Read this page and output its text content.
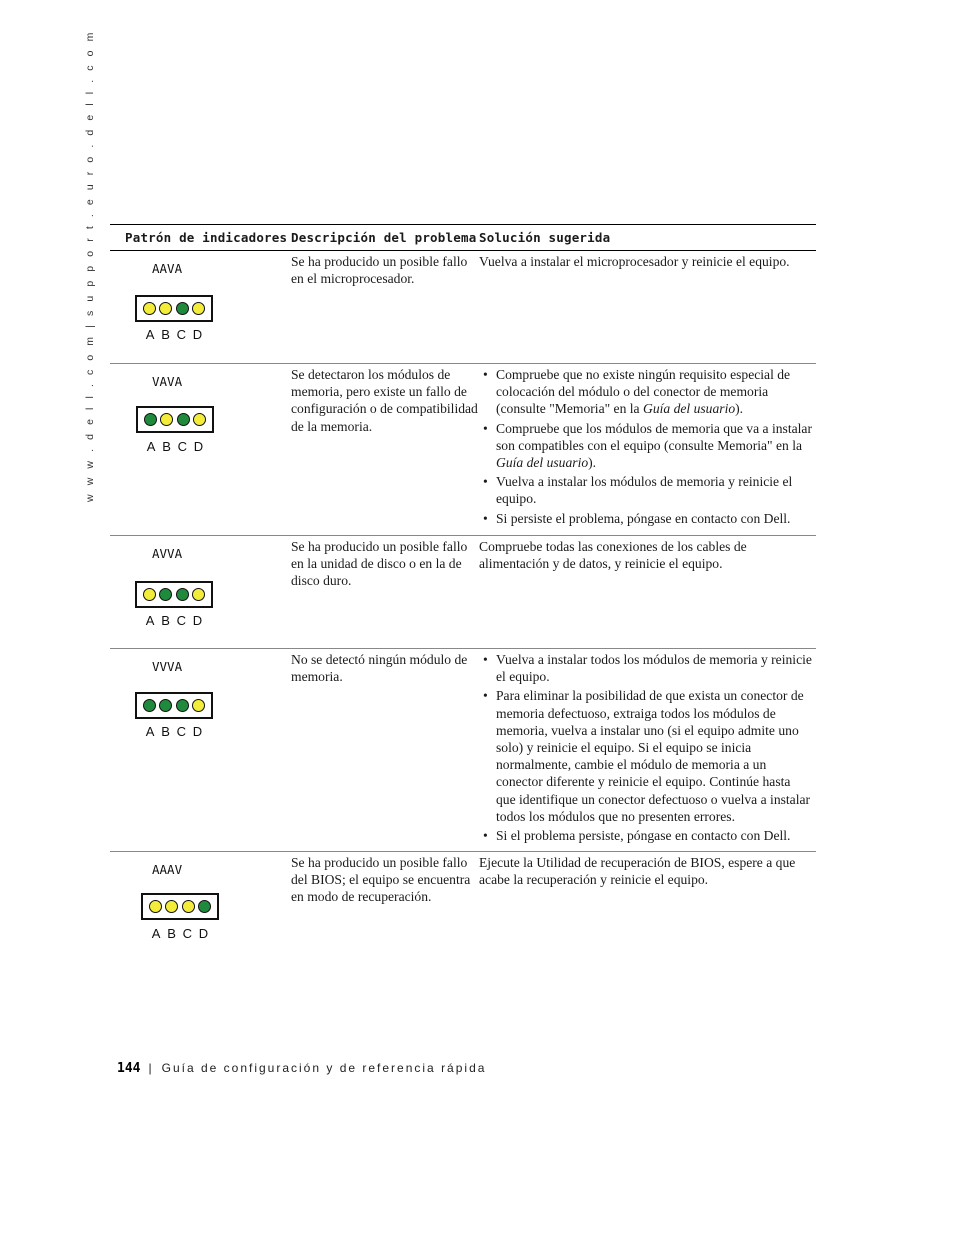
w w w . d e l l . c o m | s u p p o r t . e u r o . d e l l . c o m	Patrón de indicadores Descripción del problema Solución sugerida
AAVA
A B C D
Se ha producido un posible fallo en el microprocesador.
Vuelva a instalar el microprocesador y reinicie el equipo.
VAVA
A B C D
Se detectaron los módulos de memoria, pero existe un fallo de configuración o de compatibilidad de la memoria.
• Compruebe que no existe ningún requisito especial de colocación del módulo o del conector de memoria (consulte "Memoria" en la Guía del usuario).
• Compruebe que los módulos de memoria que va a instalar son compatibles con el equipo (consulte Memoria" en la Guía del usuario).
• Vuelva a instalar los módulos de memoria y reinicie el equipo.
• Si persiste el problema, póngase en contacto con Dell.
AVVA
A B C D
Se ha producido un posible fallo en la unidad de disco o en la de disco duro.
Compruebe todas las conexiones de los cables de alimentación y de datos, y reinicie el equipo.
VVVA
A B C D
No se detectó ningún módulo de memoria.
• Vuelva a instalar todos los módulos de memoria y reinicie el equipo.
• Para eliminar la posibilidad de que exista un conector de memoria defectuoso, extraiga todos los módulos de memoria, vuelva a instalar uno (si el equipo admite uno solo) y reinicie el equipo. Si el equipo se inicia normalmente, cambie el módulo de memoria a un conector diferente y reinicie el equipo. Continúe hasta que identifique un conector defectuoso o vuelva a instalar todos los módulos que no presenten errores.
• Si el problema persiste, póngase en contacto con Dell.
AAAV
A B C D
Se ha producido un posible fallo del BIOS; el equipo se encuentra en modo de recuperación.
Ejecute la Utilidad de recuperación de BIOS, espere a que acabe la recuperación y reinicie el equipo.
144 | Guía de configuración y de referencia rápida
